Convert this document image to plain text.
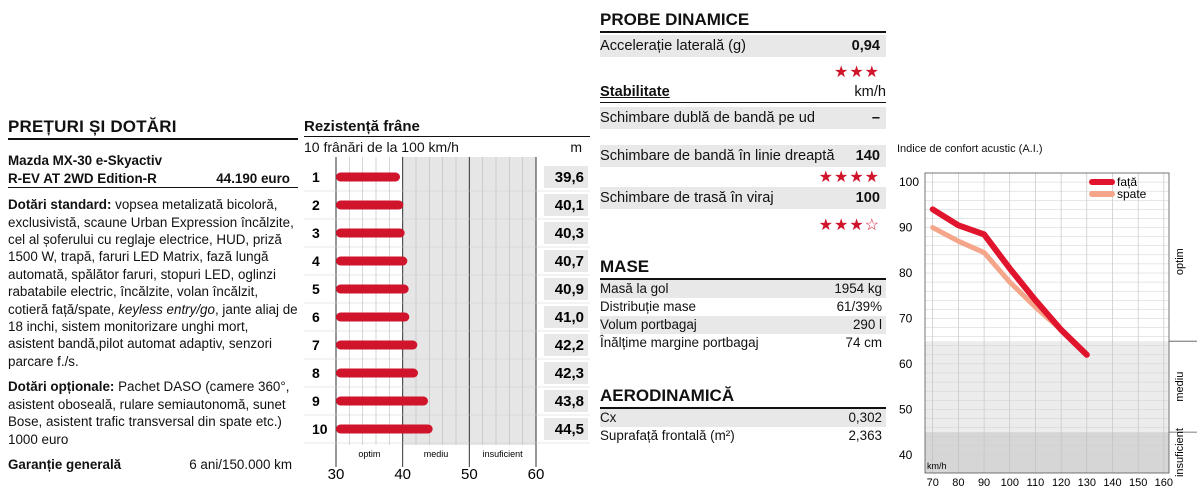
PREȚURI ȘI DOTĂRI
Mazda MX-30 e-Skyactiv
R-EV AT 2WD Edition-R	44.190 euro
Dotări standard: vopsea metalizată bicoloră, exclusivistă, scaune Urban Expression încălzite, cel al șoferului cu reglaje electrice, HUD, priză 1500 W, trapă, faruri LED Matrix, fază lungă automată, spălător faruri, stopuri LED, oglinzi rabatabile electric, încălzite, volan încălzit, cotieră față/spate, keyless entry/go, jante aliaj de 18 inchi, sistem monitorizare unghi mort, asistent bandă,pilot automat adaptiv, senzori parcare f./s.
Dotări opționale: Pachet DASO (camere 360°, asistent oboseală, rulare semiautonomă, sunet Bose, asistent trafic transversal din spate etc.) 1000 euro
Garanție generală	6 ani/150.000 km
Rezistență frâne
10 frânări de la 100 km/h	m
1	39,6
2	40,1
3	40,3
4	40,7
5	40,9
6	41,0
7	42,2
8	42,3
9	43,8
10	44,5
optim	mediu	insuficient
30	40	50	60
PROBE DINAMICE
Accelerație laterală (g)	0,94
★★★
Stabilitate	km/h
Schimbare dublă de bandă pe ud	–
Schimbare de bandă în linie dreaptă 140
★★★★
Schimbare de trasă în viraj	100
★★★☆
MASE
Masă la gol	1954 kg
Distribuție mase	61/39%
Volum portbagaj	290 l
Înălțime margine portbagaj	74 cm
AERODINAMICĂ
Cx	0,302
Suprafață frontală (m²)	2,363
Indice de confort acustic (A.I.)
70 80 90 100 110 120 130 140 150 160
40
50
60
70
80
90
100
optim
mediu
insuficient
km/h
față
spate
